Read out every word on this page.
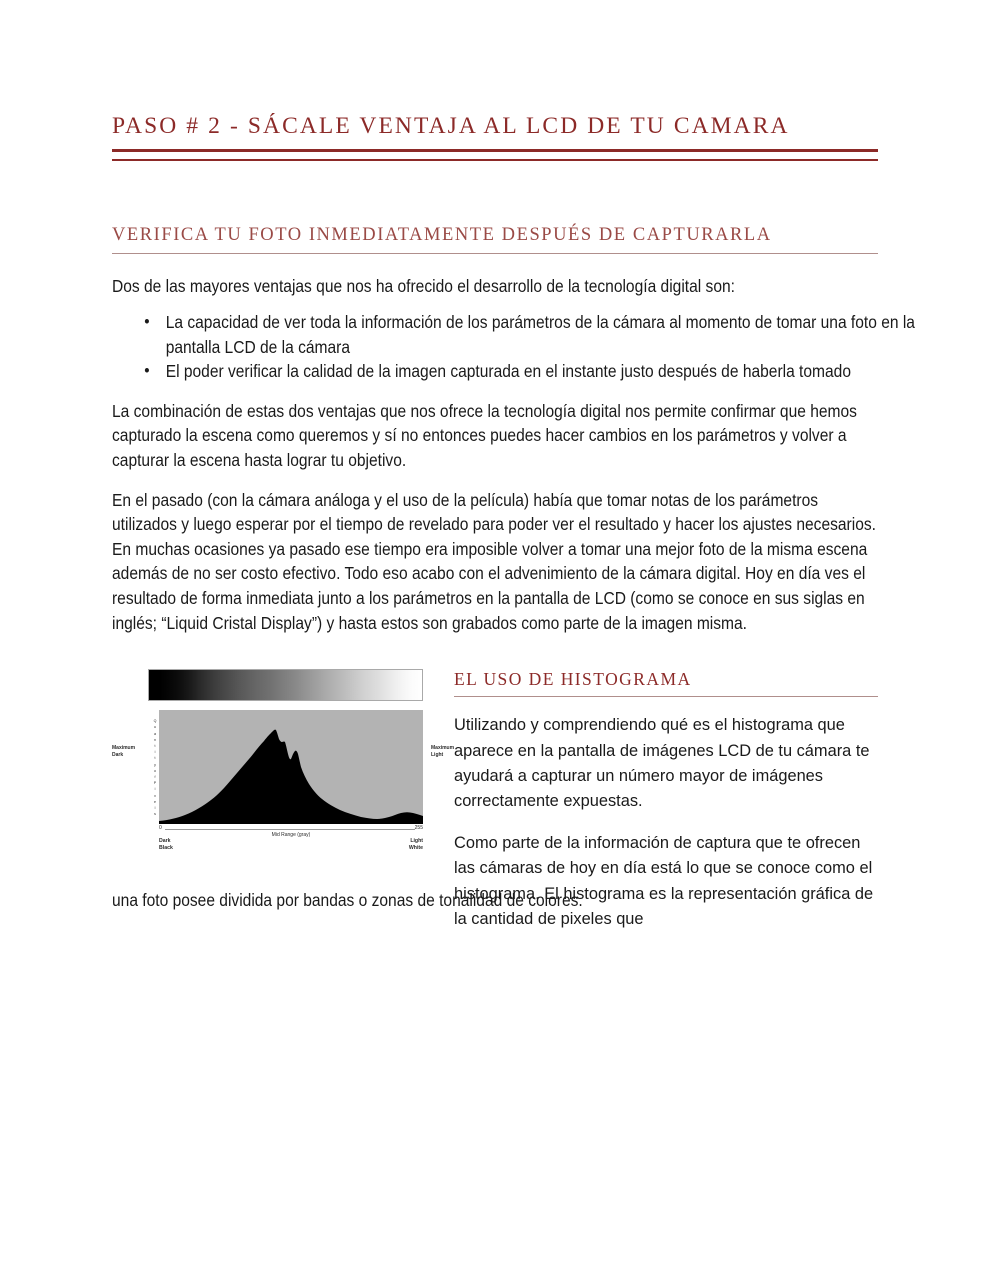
PASO # 2 - SÁCALE VENTAJA AL LCD DE TU CAMARA
VERIFICA TU FOTO INMEDIATAMENTE DESPUÉS DE CAPTURARLA

Dos de las mayores ventajas que nos ha ofrecido el desarrollo de la tecnología digital son:

• La capacidad de ver toda la información de los parámetros de la cámara al momento de tomar una foto en la pantalla LCD de la cámara
• El poder verificar la calidad de la imagen capturada en el instante justo después de haberla tomado

La combinación de estas dos ventajas que nos ofrece la tecnología digital nos permite confirmar que hemos capturado la escena como queremos y sí no entonces puedes hacer cambios en los parámetros y volver a capturar la escena hasta lograr tu objetivo.

En el pasado (con la cámara análoga y el uso de la película) había que tomar notas de los parámetros utilizados y luego esperar por el tiempo de revelado para poder ver el resultado y hacer los ajustes necesarios. En muchas ocasiones ya pasado ese tiempo era imposible volver a tomar una mejor foto de la misma escena además de no ser costo efectivo. Todo eso acabo con el advenimiento de la cámara digital. Hoy en día ves el resultado de forma inmediata junto a los parámetros en la pantalla de LCD (como se conoce en sus siglas en inglés; “Liquid Cristal Display”) y hasta estos son grabados como parte de la imagen misma.

Q
u
a
n
t
i
t
y
o
f
P
i
x
e
l
s
Maximum
Dark
Maximum
Light
0	255
Mid Range (gray)
Dark
Black
Light
White
EL USO DE HISTOGRAMA

Utilizando y comprendiendo qué es el histograma que aparece en la pantalla de imágenes LCD de tu cámara te ayudará a capturar un número mayor de imágenes correctamente expuestas.

Como parte de la información de captura que te ofrecen las cámaras de hoy en día está lo que se conoce como el histograma. El histograma es la representación gráfica de la cantidad de pixeles que

una foto posee dividida por bandas o zonas de tonalidad de colores.
